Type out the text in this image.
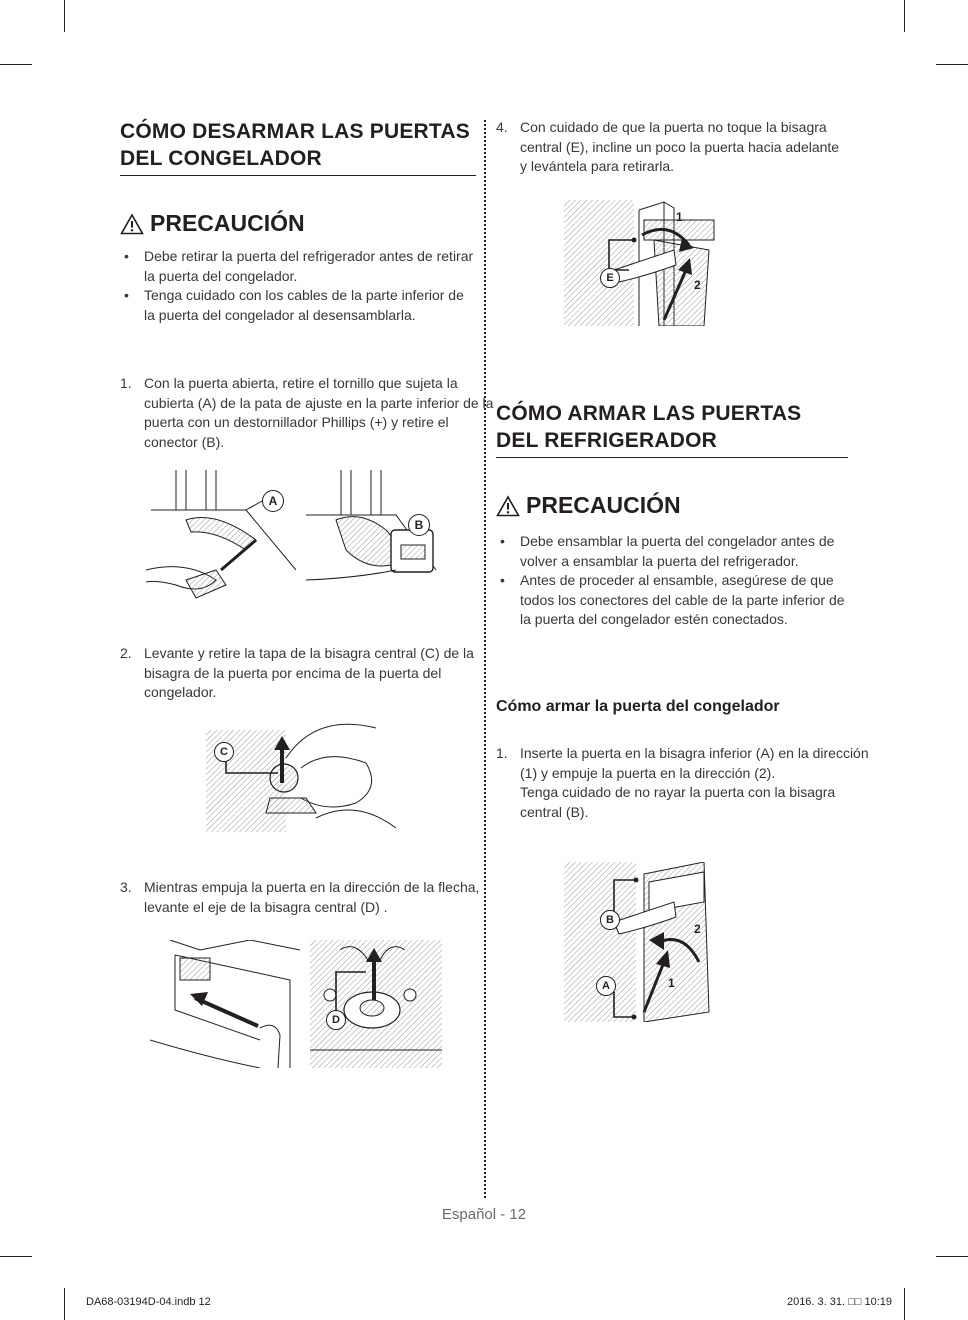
CÓMO DESARMAR LAS PUERTAS
DEL CONGELADOR
PRECAUCIÓN
• Debe retirar la puerta del refrigerador antes de retirar la puerta del congelador.
• Tenga cuidado con los cables de la parte inferior de la puerta del congelador al desensamblarla.
1. Con la puerta abierta, retire el tornillo que sujeta la cubierta (A) de la pata de ajuste en la parte inferior de la puerta con un destornillador Phillips (+) y retire el conector (B).
2. Levante y retire la tapa de la bisagra central (C) de la bisagra de la puerta por encima de la puerta del congelador.
3. Mientras empuja la puerta en la dirección de la flecha, levante el eje de la bisagra central (D) .
A
B
C
D
4. Con cuidado de que la puerta no toque la bisagra central (E), incline un poco la puerta hacia adelante y levántela para retirarla.
CÓMO ARMAR LAS PUERTAS
DEL REFRIGERADOR
PRECAUCIÓN
• Debe ensamblar la puerta del congelador antes de volver a ensamblar la puerta del refrigerador.
• Antes de proceder al ensamble, asegúrese de que todos los conectores del cable de la parte inferior de la puerta del congelador estén conectados.
Cómo armar la puerta del congelador
1. Inserte la puerta en la bisagra inferior (A) en la dirección (1) y empuje la puerta en la dirección (2).
Tenga cuidado de no rayar la puerta con la bisagra central (B).
1
2
E
B
A
2
1
Español - 12
DA68-03194D-04.indb 12	2016. 3. 31. □□ 10:19
